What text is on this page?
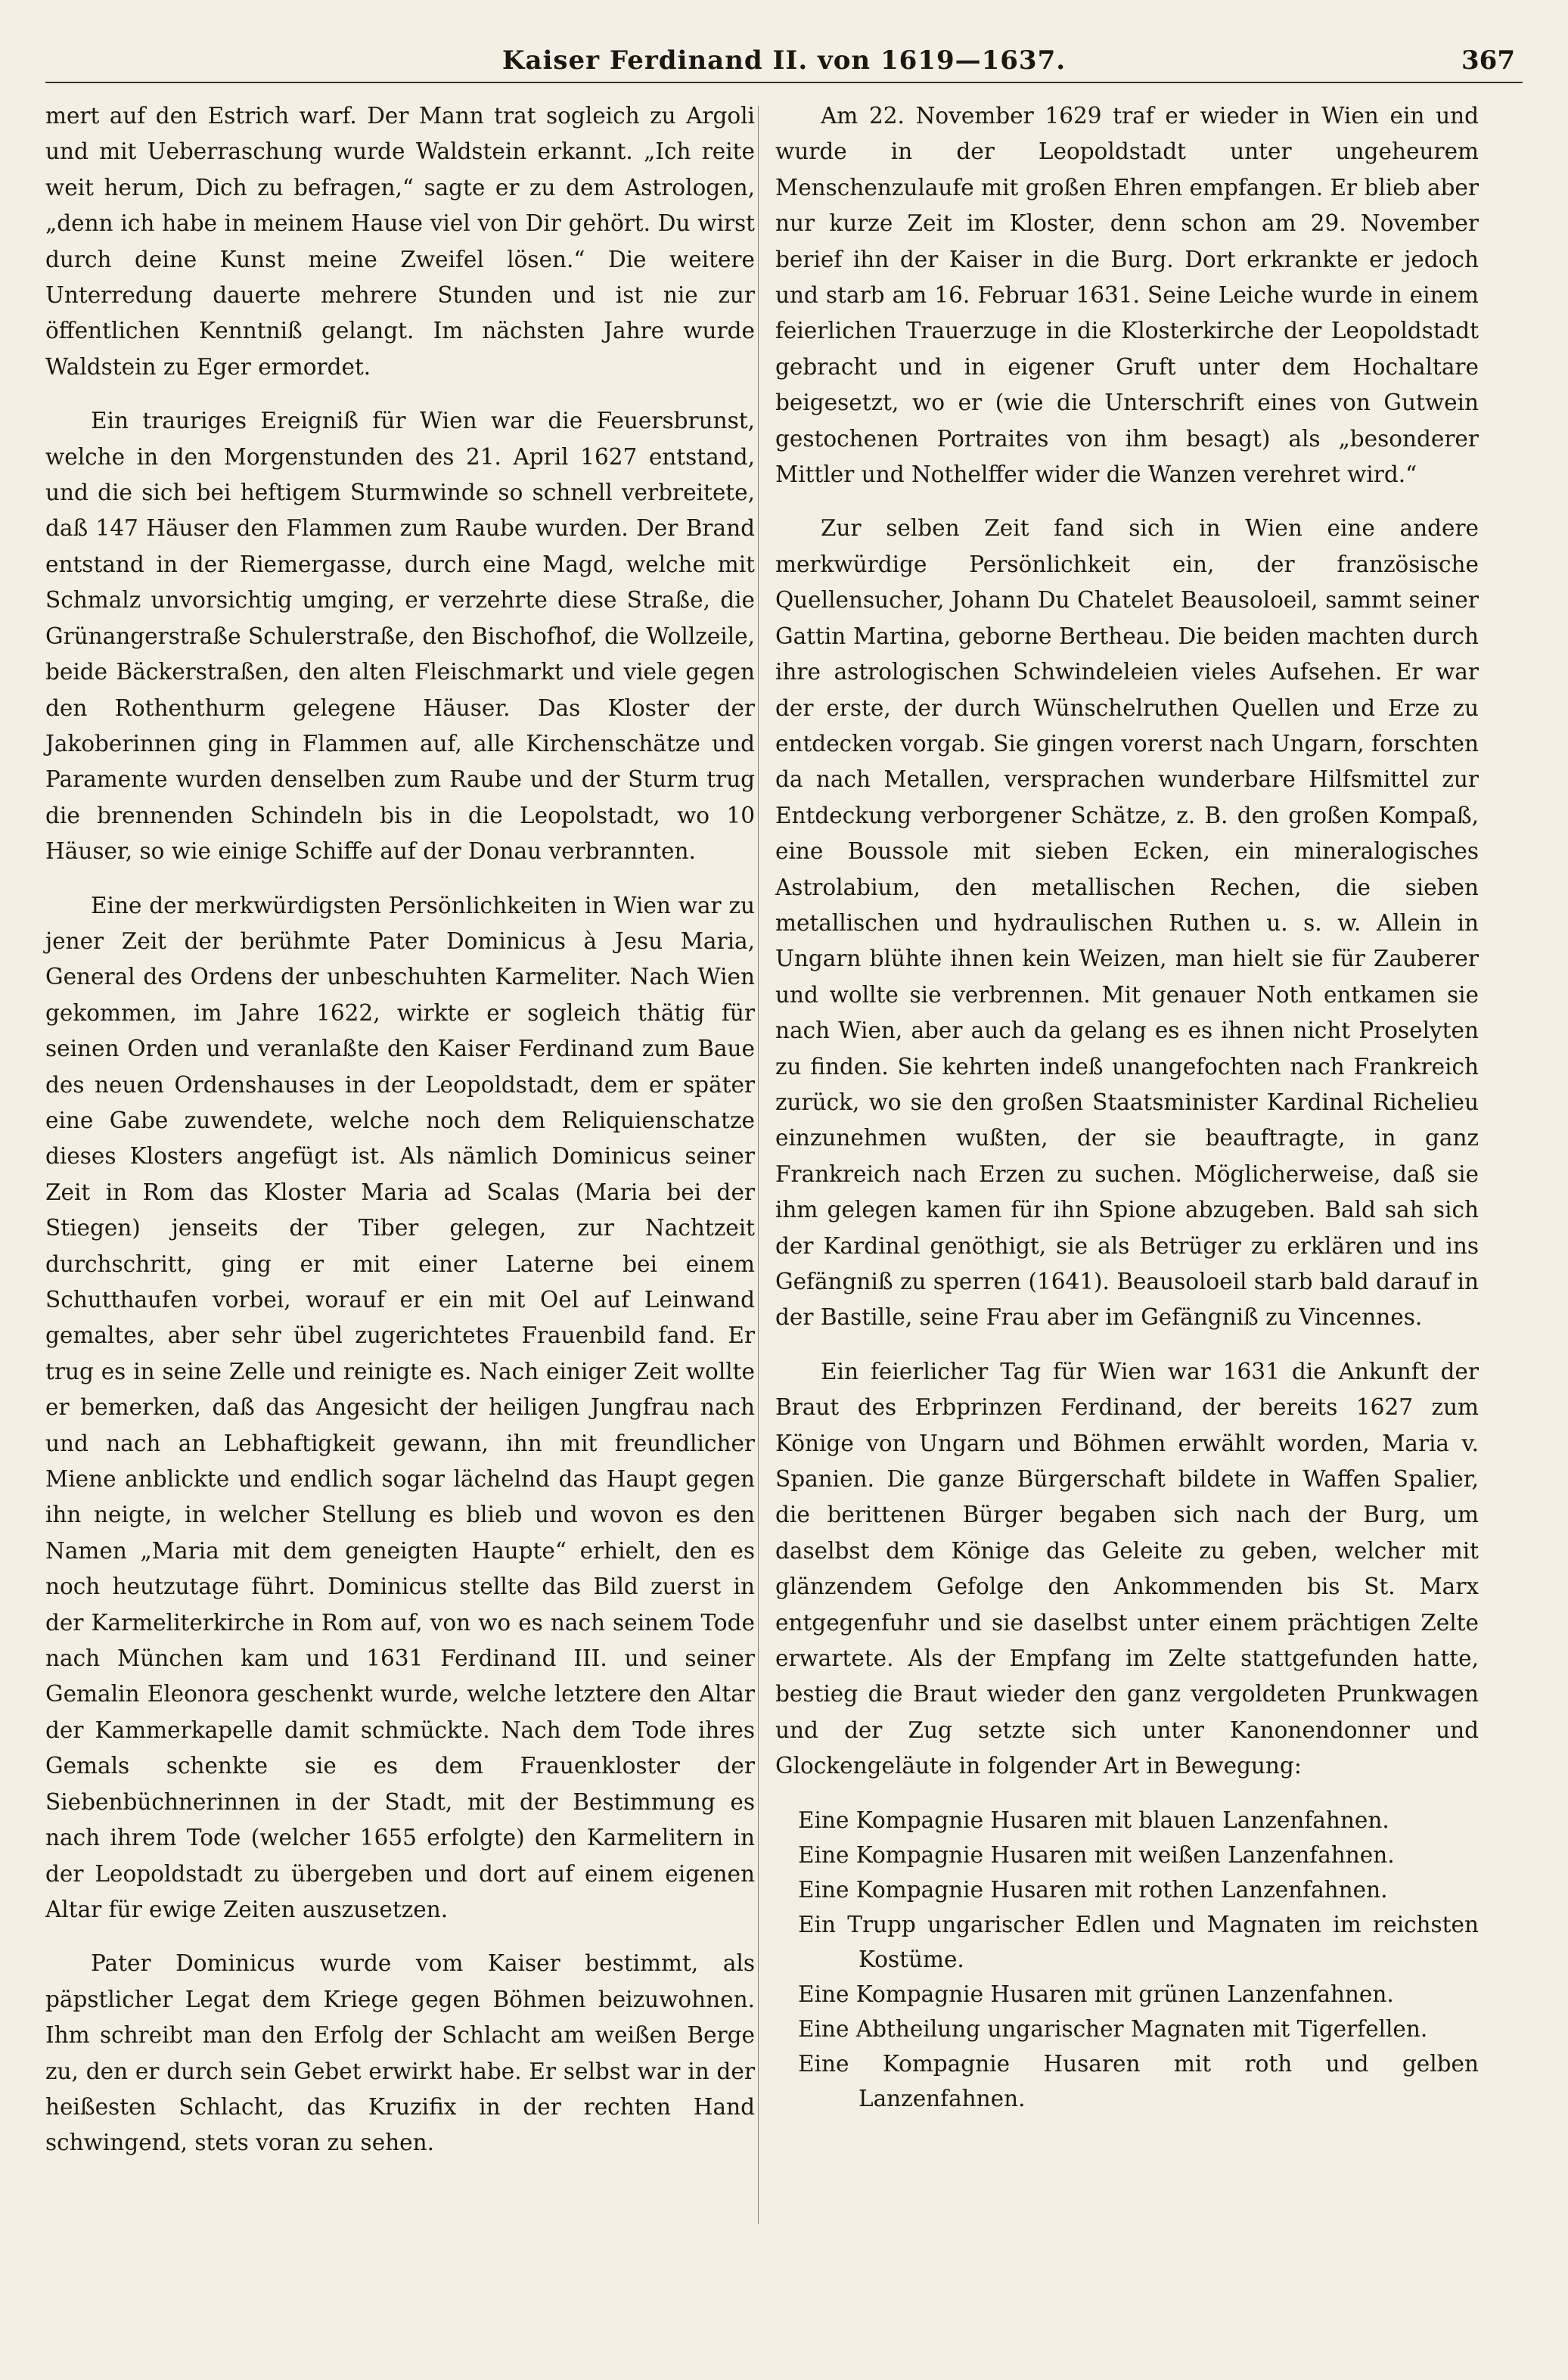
Kaiser Ferdinand II. von 1619—1637.	367

mert auf den Estrich warf. Der Mann trat sogleich zu Argoli und mit Ueberraschung wurde Waldstein erkannt. „Ich reite weit herum, Dich zu befragen,“ sagte er zu dem Astrologen, „denn ich habe in meinem Hause viel von Dir gehört. Du wirst durch deine Kunst meine Zweifel lösen.“ Die weitere Unterredung dauerte mehrere Stunden und ist nie zur öffentlichen Kenntniß gelangt. Im nächsten Jahre wurde Waldstein zu Eger ermordet.

Ein trauriges Ereigniß für Wien war die Feuersbrunst, welche in den Morgenstunden des 21. April 1627 entstand, und die sich bei heftigem Sturmwinde so schnell verbreitete, daß 147 Häuser den Flammen zum Raube wurden. Der Brand entstand in der Riemergasse, durch eine Magd, welche mit Schmalz unvorsichtig umging, er verzehrte diese Straße, die Grünangerstraße Schulerstraße, den Bischofhof, die Wollzeile, beide Bäckerstraßen, den alten Fleischmarkt und viele gegen den Rothenthurm gelegene Häuser. Das Kloster der Jakoberinnen ging in Flammen auf, alle Kirchenschätze und Paramente wurden denselben zum Raube und der Sturm trug die brennenden Schindeln bis in die Leopolstadt, wo 10 Häuser, so wie einige Schiffe auf der Donau verbrannten.

Eine der merkwürdigsten Persönlichkeiten in Wien war zu jener Zeit der berühmte Pater Dominicus à Jesu Maria, General des Ordens der unbeschuhten Karmeliter. Nach Wien gekommen, im Jahre 1622, wirkte er sogleich thätig für seinen Orden und veranlaßte den Kaiser Ferdinand zum Baue des neuen Ordenshauses in der Leopoldstadt, dem er später eine Gabe zuwendete, welche noch dem Reliquienschatze dieses Klosters angefügt ist. Als nämlich Dominicus seiner Zeit in Rom das Kloster Maria ad Scalas (Maria bei der Stiegen) jenseits der Tiber gelegen, zur Nachtzeit durchschritt, ging er mit einer Laterne bei einem Schutthaufen vorbei, worauf er ein mit Oel auf Leinwand gemaltes, aber sehr übel zugerichtetes Frauenbild fand. Er trug es in seine Zelle und reinigte es. Nach einiger Zeit wollte er bemerken, daß das Angesicht der heiligen Jungfrau nach und nach an Lebhaftigkeit gewann, ihn mit freundlicher Miene anblickte und endlich sogar lächelnd das Haupt gegen ihn neigte, in welcher Stellung es blieb und wovon es den Namen „Maria mit dem geneigten Haupte“ erhielt, den es noch heutzutage führt. Dominicus stellte das Bild zuerst in der Karmeliterkirche in Rom auf, von wo es nach seinem Tode nach München kam und 1631 Ferdinand III. und seiner Gemalin Eleonora geschenkt wurde, welche letztere den Altar der Kammerkapelle damit schmückte. Nach dem Tode ihres Gemals schenkte sie es dem Frauenkloster der Siebenbüchnerinnen in der Stadt, mit der Bestimmung es nach ihrem Tode (welcher 1655 erfolgte) den Karmelitern in der Leopoldstadt zu übergeben und dort auf einem eigenen Altar für ewige Zeiten auszusetzen.

Pater Dominicus wurde vom Kaiser bestimmt, als päpstlicher Legat dem Kriege gegen Böhmen beizuwohnen. Ihm schreibt man den Erfolg der Schlacht am weißen Berge zu, den er durch sein Gebet erwirkt habe. Er selbst war in der heißesten Schlacht, das Kruzifix in der rechten Hand schwingend, stets voran zu sehen.

Am 22. November 1629 traf er wieder in Wien ein und wurde in der Leopoldstadt unter ungeheurem Menschenzulaufe mit großen Ehren empfangen. Er blieb aber nur kurze Zeit im Kloster, denn schon am 29. November berief ihn der Kaiser in die Burg. Dort erkrankte er jedoch und starb am 16. Februar 1631. Seine Leiche wurde in einem feierlichen Trauerzuge in die Klosterkirche der Leopoldstadt gebracht und in eigener Gruft unter dem Hochaltare beigesetzt, wo er (wie die Unterschrift eines von Gutwein gestochenen Portraites von ihm besagt) als „besonderer Mittler und Nothelffer wider die Wanzen verehret wird.“

Zur selben Zeit fand sich in Wien eine andere merkwürdige Persönlichkeit ein, der französische Quellensucher, Johann Du Chatelet Beausoloeil, sammt seiner Gattin Martina, geborne Bertheau. Die beiden machten durch ihre astrologischen Schwindeleien vieles Aufsehen. Er war der erste, der durch Wünschelruthen Quellen und Erze zu entdecken vorgab. Sie gingen vorerst nach Ungarn, forschten da nach Metallen, versprachen wunderbare Hilfsmittel zur Entdeckung verborgener Schätze, z. B. den großen Kompaß, eine Boussole mit sieben Ecken, ein mineralogisches Astrolabium, den metallischen Rechen, die sieben metallischen und hydraulischen Ruthen u. s. w. Allein in Ungarn blühte ihnen kein Weizen, man hielt sie für Zauberer und wollte sie verbrennen. Mit genauer Noth entkamen sie nach Wien, aber auch da gelang es es ihnen nicht Proselyten zu finden. Sie kehrten indeß unangefochten nach Frankreich zurück, wo sie den großen Staatsminister Kardinal Richelieu einzunehmen wußten, der sie beauftragte, in ganz Frankreich nach Erzen zu suchen. Möglicherweise, daß sie ihm gelegen kamen für ihn Spione abzugeben. Bald sah sich der Kardinal genöthigt, sie als Betrüger zu erklären und ins Gefängniß zu sperren (1641). Beausoloeil starb bald darauf in der Bastille, seine Frau aber im Gefängniß zu Vincennes.

Ein feierlicher Tag für Wien war 1631 die Ankunft der Braut des Erbprinzen Ferdinand, der bereits 1627 zum Könige von Ungarn und Böhmen erwählt worden, Maria v. Spanien. Die ganze Bürgerschaft bildete in Waffen Spalier, die berittenen Bürger begaben sich nach der Burg, um daselbst dem Könige das Geleite zu geben, welcher mit glänzendem Gefolge den Ankommenden bis St. Marx entgegenfuhr und sie daselbst unter einem prächtigen Zelte erwartete. Als der Empfang im Zelte stattgefunden hatte, bestieg die Braut wieder den ganz vergoldeten Prunkwagen und der Zug setzte sich unter Kanonendonner und Glockengeläute in folgender Art in Bewegung:

Eine Kompagnie Husaren mit blauen Lanzenfahnen.
Eine Kompagnie Husaren mit weißen Lanzenfahnen.
Eine Kompagnie Husaren mit rothen Lanzenfahnen.
Ein Trupp ungarischer Edlen und Magnaten im reichsten Kostüme.
Eine Kompagnie Husaren mit grünen Lanzenfahnen.
Eine Abtheilung ungarischer Magnaten mit Tigerfellen.
Eine Kompagnie Husaren mit roth und gelben Lanzenfahnen.
